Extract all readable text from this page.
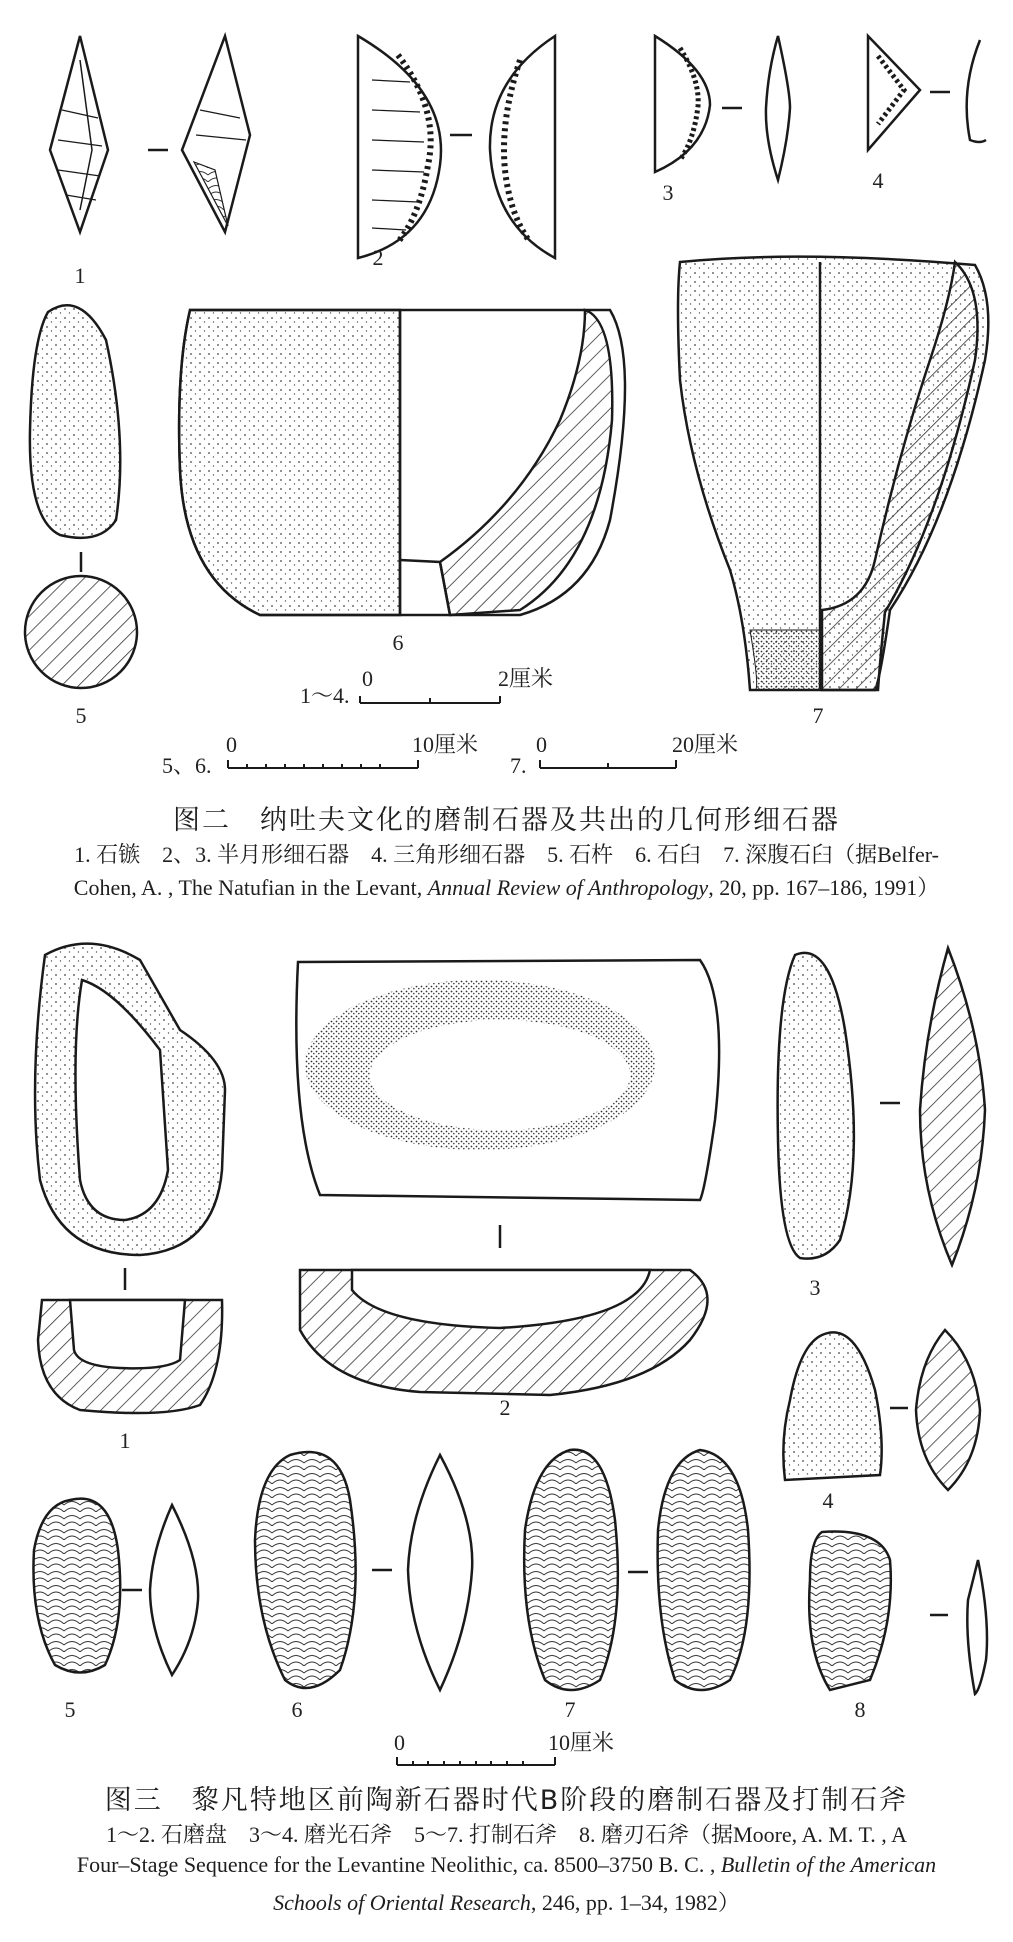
1
2
3	4
5
6
7
1～4.
0	2厘米
5、6.
0	10厘米
7.
0	20厘米
1
2
3
4
5	6	7	8
0	10厘米
图二　纳吐夫文化的磨制石器及共出的几何形细石器
1. 石镞　2、3. 半月形细石器　4. 三角形细石器　5. 石杵　6. 石臼　7. 深腹石臼（据Belfer-
Cohen, A. , The Natufian in the Levant, Annual Review of Anthropology, 20, pp. 167–186, 1991）
图三　黎凡特地区前陶新石器时代B阶段的磨制石器及打制石斧
1～2. 石磨盘　3～4. 磨光石斧　5～7. 打制石斧　8. 磨刃石斧（据Moore, A. M. T. , A
Four–Stage Sequence for the Levantine Neolithic, ca. 8500–3750 B. C. , Bulletin of the American
Schools of Oriental Research, 246, pp. 1–34, 1982）
